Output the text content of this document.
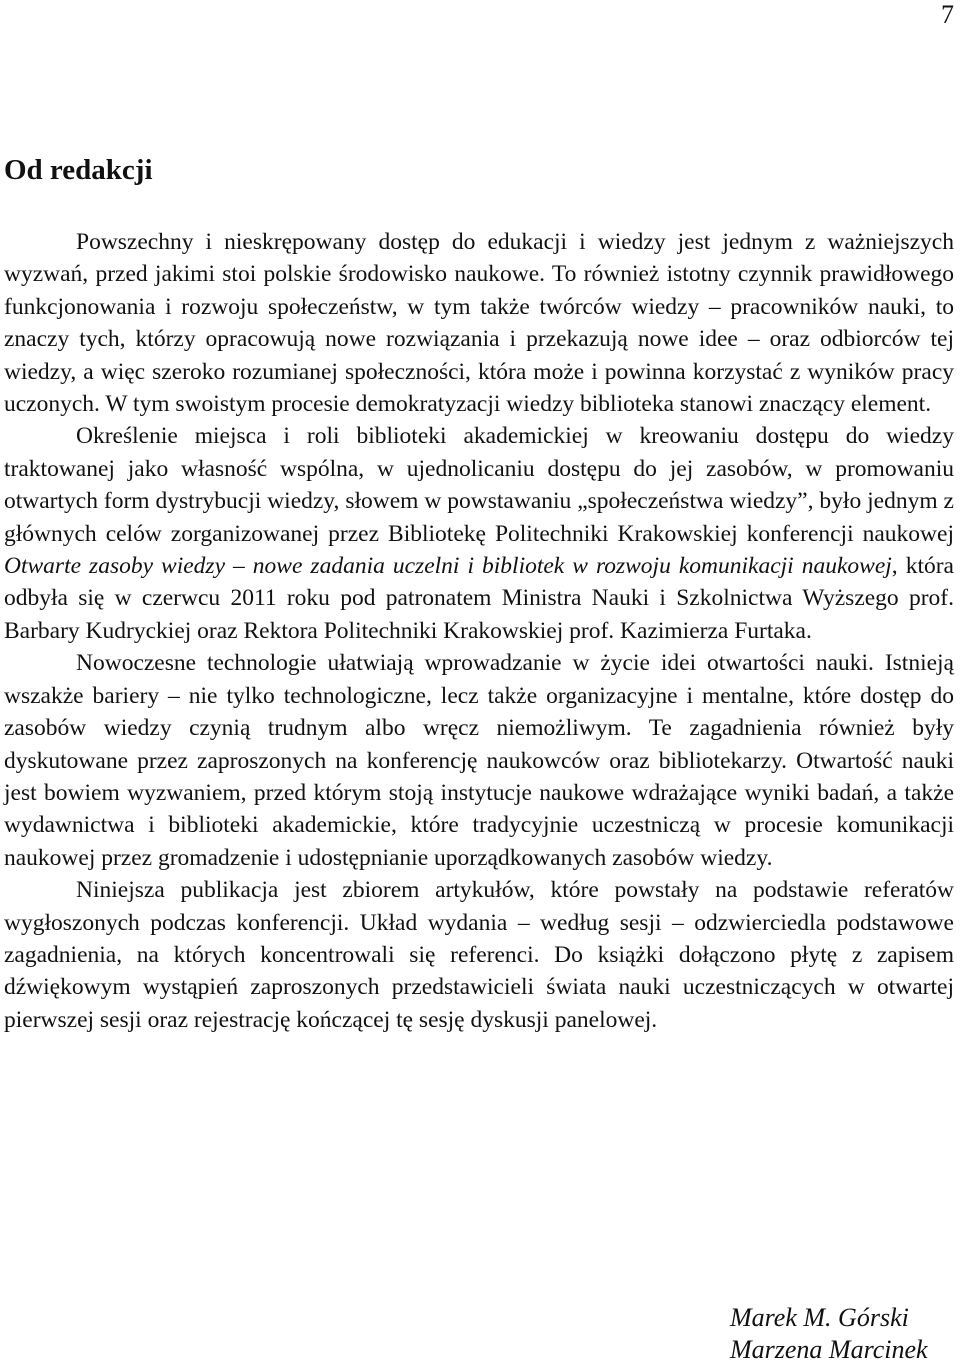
7
Od redakcji

Powszechny i nieskrępowany dostęp do edukacji i wiedzy jest jednym z ważniejszych wyzwań, przed jakimi stoi polskie środowisko naukowe. To również istotny czynnik prawidłowego funkcjonowania i rozwoju społeczeństw, w tym także twórców wiedzy – pracowników nauki, to znaczy tych, którzy opracowują nowe rozwiązania i przekazują nowe idee – oraz odbiorców tej wiedzy, a więc szeroko rozumianej społeczności, która może i powinna korzystać z wyników pracy uczonych. W tym swoistym procesie demokratyzacji wiedzy biblioteka stanowi znaczący element.

Określenie miejsca i roli biblioteki akademickiej w kreowaniu dostępu do wiedzy traktowanej jako własność wspólna, w ujednolicaniu dostępu do jej zasobów, w promowaniu otwartych form dystrybucji wiedzy, słowem w powstawaniu „społeczeństwa wiedzy”, było jednym z głównych celów zorganizowanej przez Bibliotekę Politechniki Krakowskiej konferencji naukowej Otwarte zasoby wiedzy – nowe zadania uczelni i bibliotek w rozwoju komunikacji naukowej, która odbyła się w czerwcu 2011 roku pod patronatem Ministra Nauki i Szkolnictwa Wyższego prof. Barbary Kudryckiej oraz Rektora Politechniki Krakowskiej prof. Kazimierza Furtaka.

Nowoczesne technologie ułatwiają wprowadzanie w życie idei otwartości nauki. Istnieją wszakże bariery – nie tylko technologiczne, lecz także organizacyjne i mentalne, które dostęp do zasobów wiedzy czynią trudnym albo wręcz niemożliwym. Te zagadnienia również były dyskutowane przez zaproszonych na konferencję naukowców oraz bibliotekarzy. Otwartość nauki jest bowiem wyzwaniem, przed którym stoją instytucje naukowe wdrażające wyniki badań, a także wydawnictwa i biblioteki akademickie, które tradycyjnie uczestniczą w procesie komunikacji naukowej przez gromadzenie i udostępnianie uporządkowanych zasobów wiedzy.

Niniejsza publikacja jest zbiorem artykułów, które powstały na podstawie referatów wygłoszonych podczas konferencji. Układ wydania – według sesji – odzwierciedla podstawowe zagadnienia, na których koncentrowali się referenci. Do książki dołączono płytę z zapisem dźwiękowym wystąpień zaproszonych przedstawicieli świata nauki uczestniczących w otwartej pierwszej sesji oraz rejestrację kończącej tę sesję dyskusji panelowej.

Marek M. Górski
Marzena Marcinek
